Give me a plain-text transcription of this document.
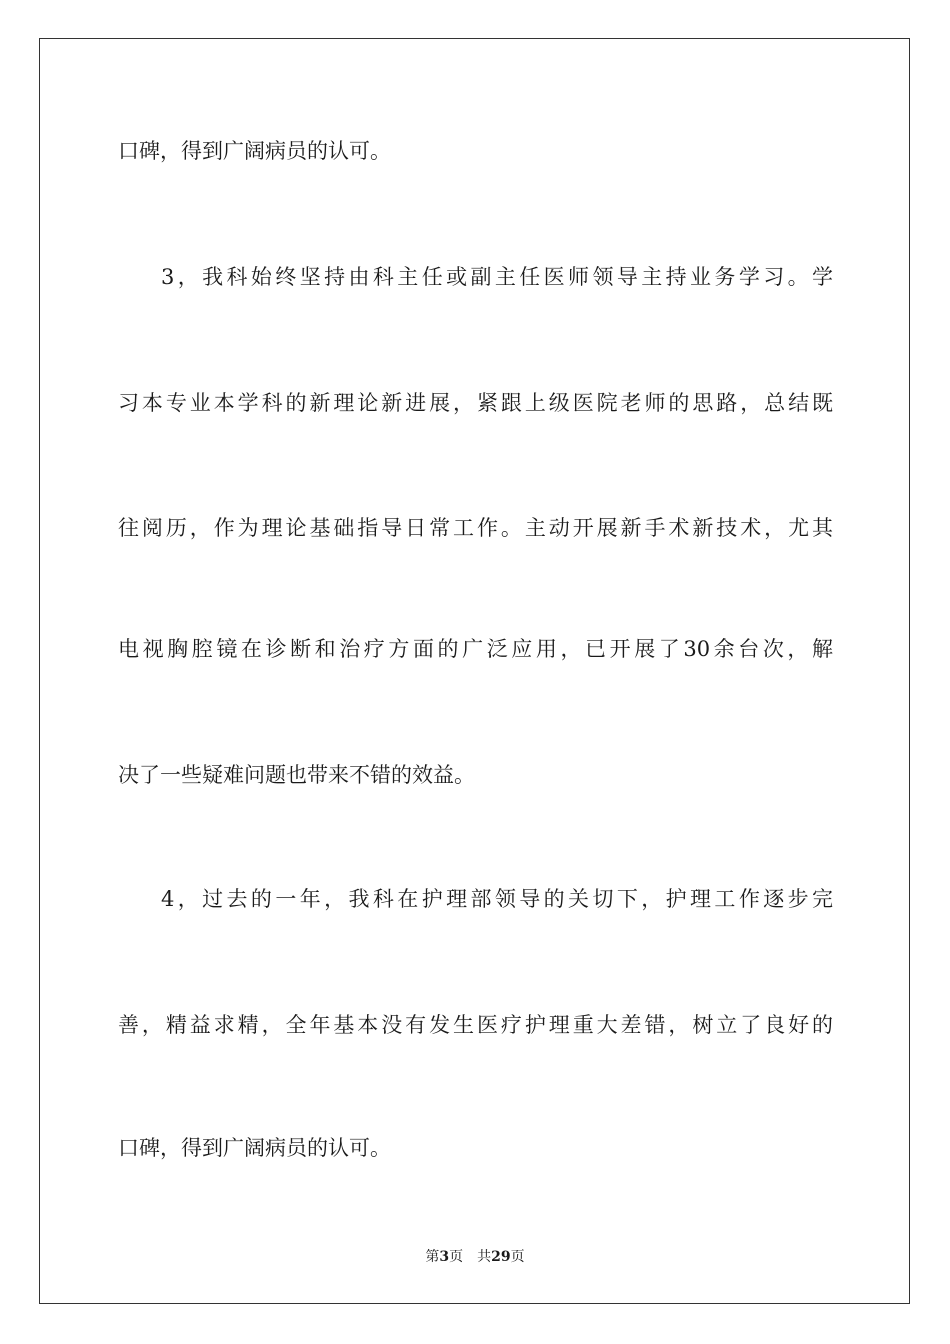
口碑，得到广阔病员的认可。
3，我科始终坚持由科主任或副主任医师领导主持业务学习。学
习本专业本学科的新理论新进展，紧跟上级医院老师的思路，总结既
往阅历，作为理论基础指导日常工作。主动开展新手术新技术，尤其
电视胸腔镜在诊断和治疗方面的广泛应用，已开展了30余台次，解
决了一些疑难问题也带来不错的效益。
4，过去的一年，我科在护理部领导的关切下，护理工作逐步完
善，精益求精，全年基本没有发生医疗护理重大差错，树立了良好的
口碑，得到广阔病员的认可。
第3页 共29页
